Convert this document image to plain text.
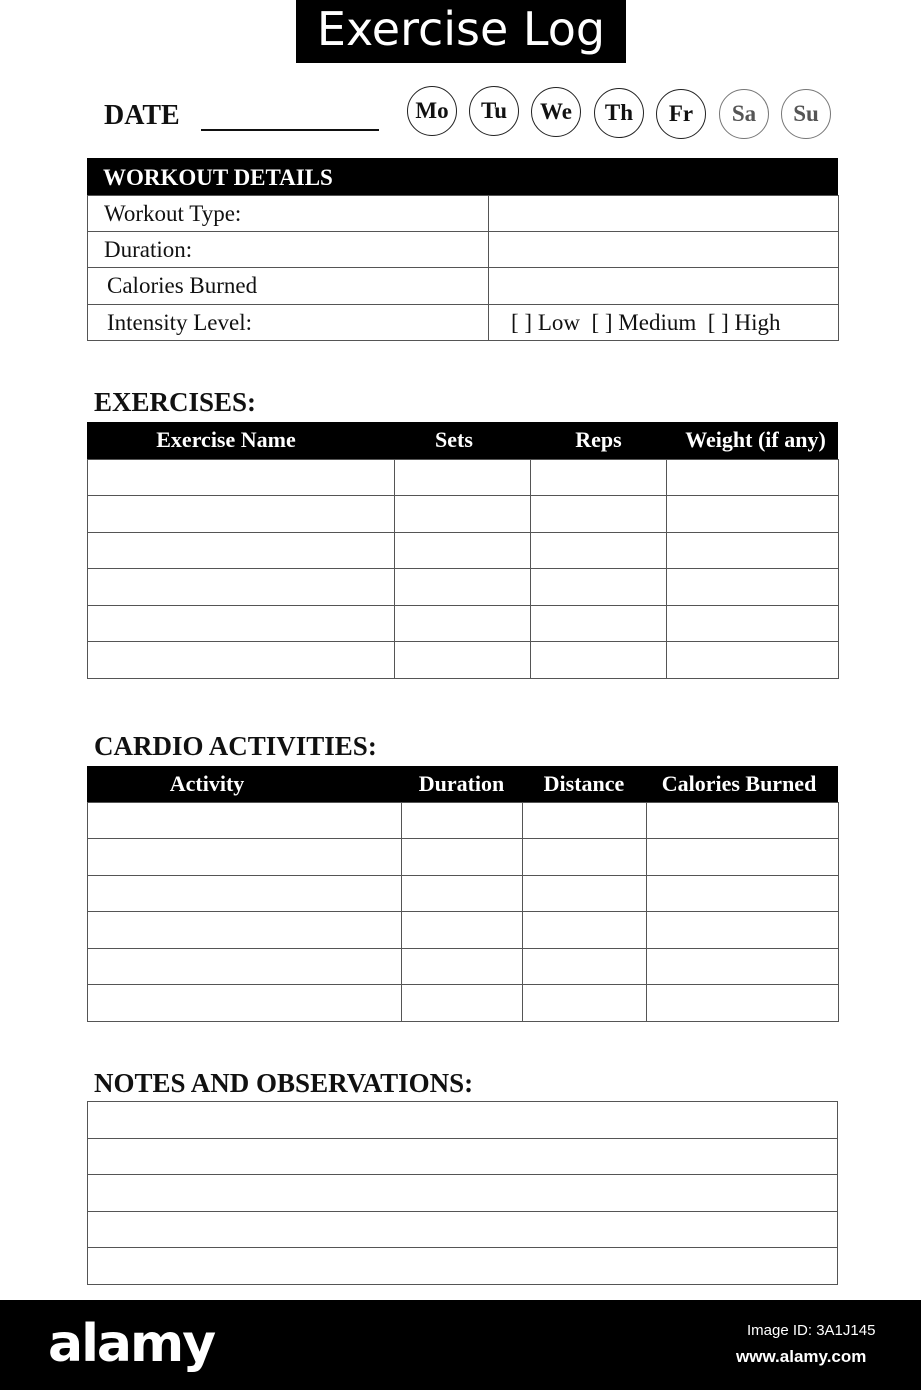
Exercise Log
DATE	Mo	Tu	We	Th	Fr	Sa	Su
WORKOUT DETAILS
Workout Type:	
Duration:	
Calories Burned	
Intensity Level:	[ ] Low  [ ] Medium  [ ] High
EXERCISES:
Exercise Name	Sets	Reps	Weight (if any)

CARDIO ACTIVITIES:
Activity	Duration	Distance	Calories Burned

NOTES AND OBSERVATIONS:

alamy	Image ID: 3A1J145
www.alamy.com
